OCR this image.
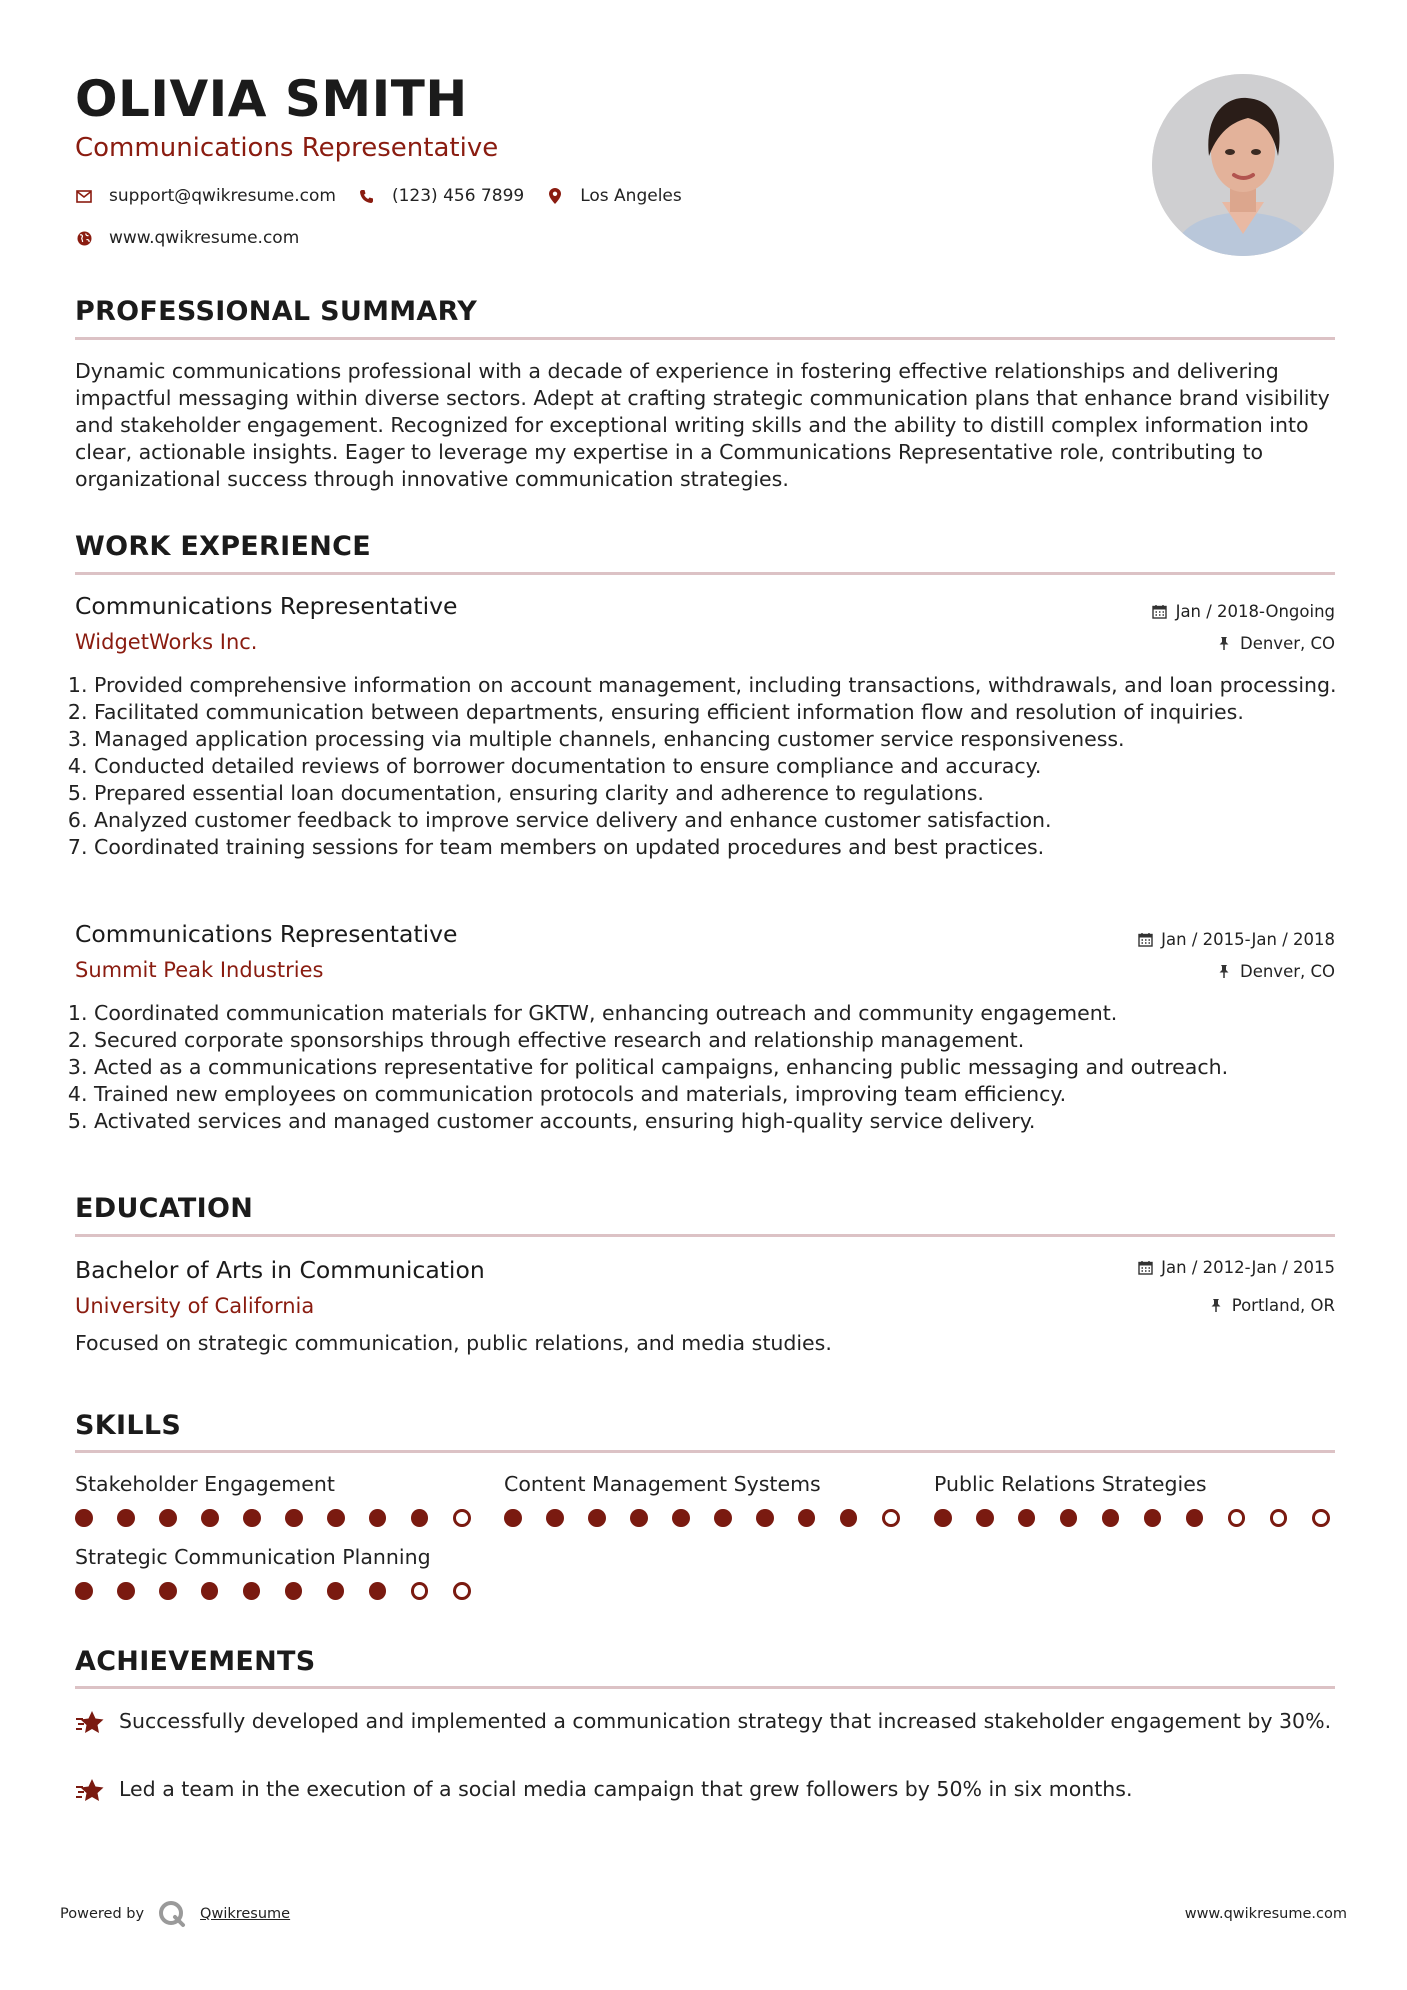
OLIVIA SMITH
Communications Representative
support@qwikresume.com	(123) 456 7899	Los Angeles
www.qwikresume.com
PROFESSIONAL SUMMARY
Dynamic communications professional with a decade of experience in fostering effective relationships and delivering impactful messaging within diverse sectors. Adept at crafting strategic communication plans that enhance brand visibility and stakeholder engagement. Recognized for exceptional writing skills and the ability to distill complex information into clear, actionable insights. Eager to leverage my expertise in a Communications Representative role, contributing to organizational success through innovative communication strategies.
WORK EXPERIENCE
Communications Representative
WidgetWorks Inc.
Jan / 2018-Ongoing
Denver, CO
1. Provided comprehensive information on account management, including transactions, withdrawals, and loan processing.
2. Facilitated communication between departments, ensuring efficient information flow and resolution of inquiries.
3. Managed application processing via multiple channels, enhancing customer service responsiveness.
4. Conducted detailed reviews of borrower documentation to ensure compliance and accuracy.
5. Prepared essential loan documentation, ensuring clarity and adherence to regulations.
6. Analyzed customer feedback to improve service delivery and enhance customer satisfaction.
7. Coordinated training sessions for team members on updated procedures and best practices.
Communications Representative
Summit Peak Industries
Jan / 2015-Jan / 2018
Denver, CO
1. Coordinated communication materials for GKTW, enhancing outreach and community engagement.
2. Secured corporate sponsorships through effective research and relationship management.
3. Acted as a communications representative for political campaigns, enhancing public messaging and outreach.
4. Trained new employees on communication protocols and materials, improving team efficiency.
5. Activated services and managed customer accounts, ensuring high-quality service delivery.
EDUCATION
Bachelor of Arts in Communication
University of California
Jan / 2012-Jan / 2015
Portland, OR
Focused on strategic communication, public relations, and media studies.
SKILLS
Stakeholder Engagement	Content Management Systems	Public Relations Strategies
Strategic Communication Planning
ACHIEVEMENTS
Successfully developed and implemented a communication strategy that increased stakeholder engagement by 30%.
Led a team in the execution of a social media campaign that grew followers by 50% in six months.
Powered by	Qwikresume	www.qwikresume.com
